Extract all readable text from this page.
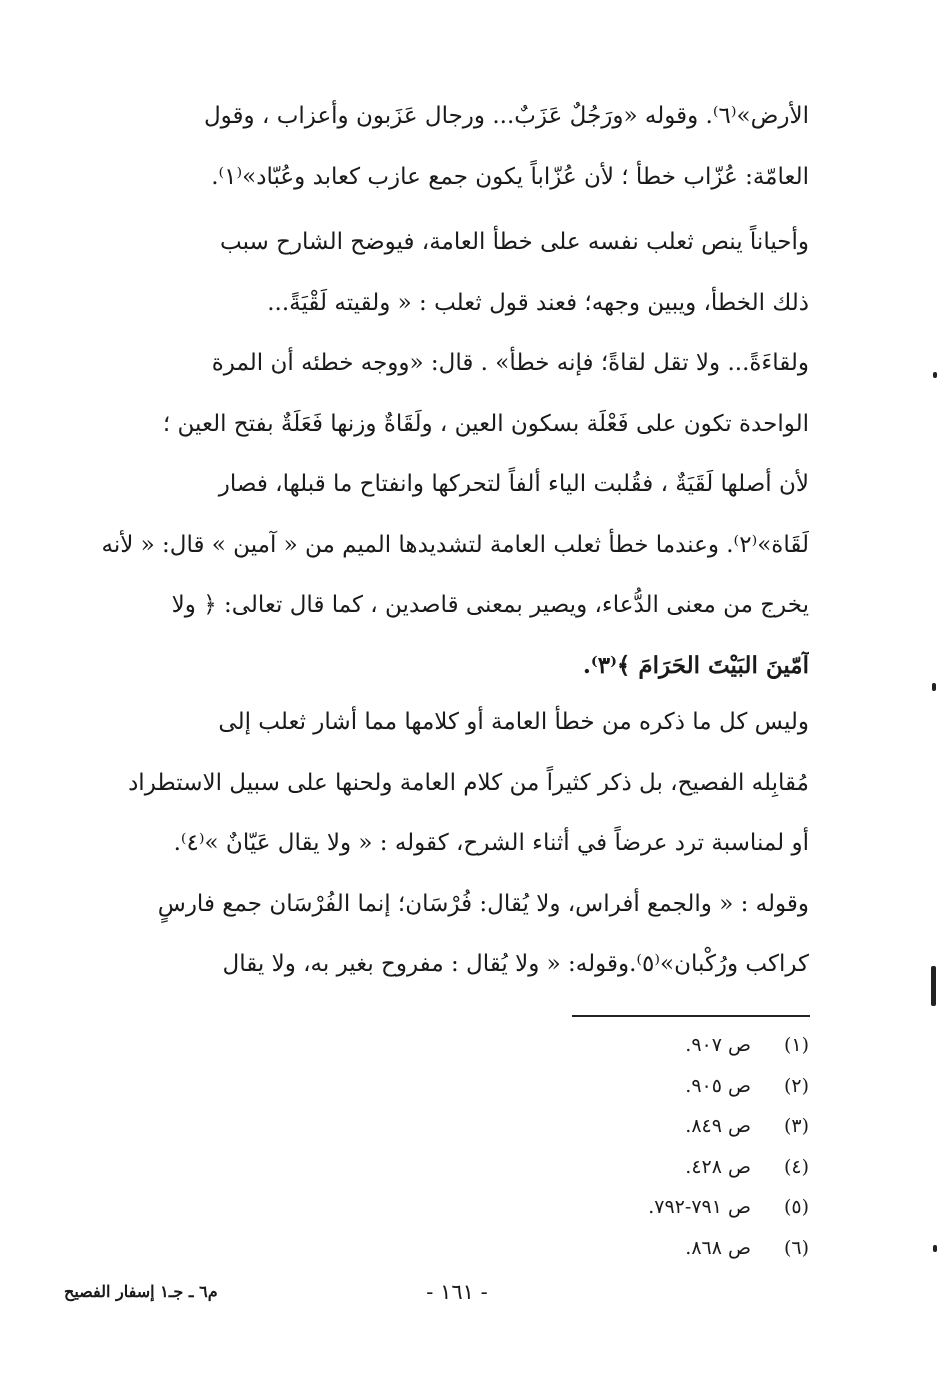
الأرض»⁽٦⁾. وقوله «ورَجُلٌ عَزَبٌ... ورجال عَزَبون وأعزاب ، وقول
العامّة: عُزّاب خطأ ؛ لأن عُزّاباً يكون جمع عازب كعابد وعُبّاد»⁽١⁾.
وأحياناً ينص ثعلب نفسه على خطأ العامة، فيوضح الشارح سبب
ذلك الخطأ، ويبين وجهه؛ فعند قول ثعلب : « ولقيته لَقْيَةً...
ولقاءَةً... ولا تقل لقاةً؛ فإنه خطأ» . قال: «ووجه خطئه أن المرة
الواحدة تكون على فَعْلَة بسكون العين ، ولَقَاةٌ وزنها فَعَلَةٌ بفتح العين ؛
لأن أصلها لَقَيَةٌ ، فقُلبت الياء ألفاً لتحركها وانفتاح ما قبلها، فصار
لَقَاة»⁽٢⁾. وعندما خطأ ثعلب العامة لتشديدها الميم من « آمين » قال: « لأنه
يخرج من معنى الدُّعاء، ويصير بمعنى قاصدين ، كما قال تعالى: ﴿ ولا
آمّينَ البَيْتَ الحَرَامَ ﴾⁽٣⁾.
وليس كل ما ذكره من خطأ العامة أو كلامها مما أشار ثعلب إلى
مُقابِله الفصيح، بل ذكر كثيراً من كلام العامة ولحنها على سبيل الاستطراد
أو لمناسبة ترد عرضاً في أثناء الشرح، كقوله : « ولا يقال عَيّانٌ »⁽٤⁾.
وقوله : « والجمع أفراس، ولا يُقال: فُرْسَان؛ إنما الفُرْسَان جمع فارسٍ
كراكب ورُكْبان»⁽٥⁾.وقوله: « ولا يُقال : مفروح بغير به، ولا يقال
(١) ص ٩٠٧.
(٢) ص ٩٠٥.
(٣) ص ٨٤٩.
(٤) ص ٤٢٨.
(٥) ص ٧٩١-٧٩٢.
(٦) ص ٨٦٨.
- ١٦١ -
م٦ ـ جـ١ إسفار الفصيح
